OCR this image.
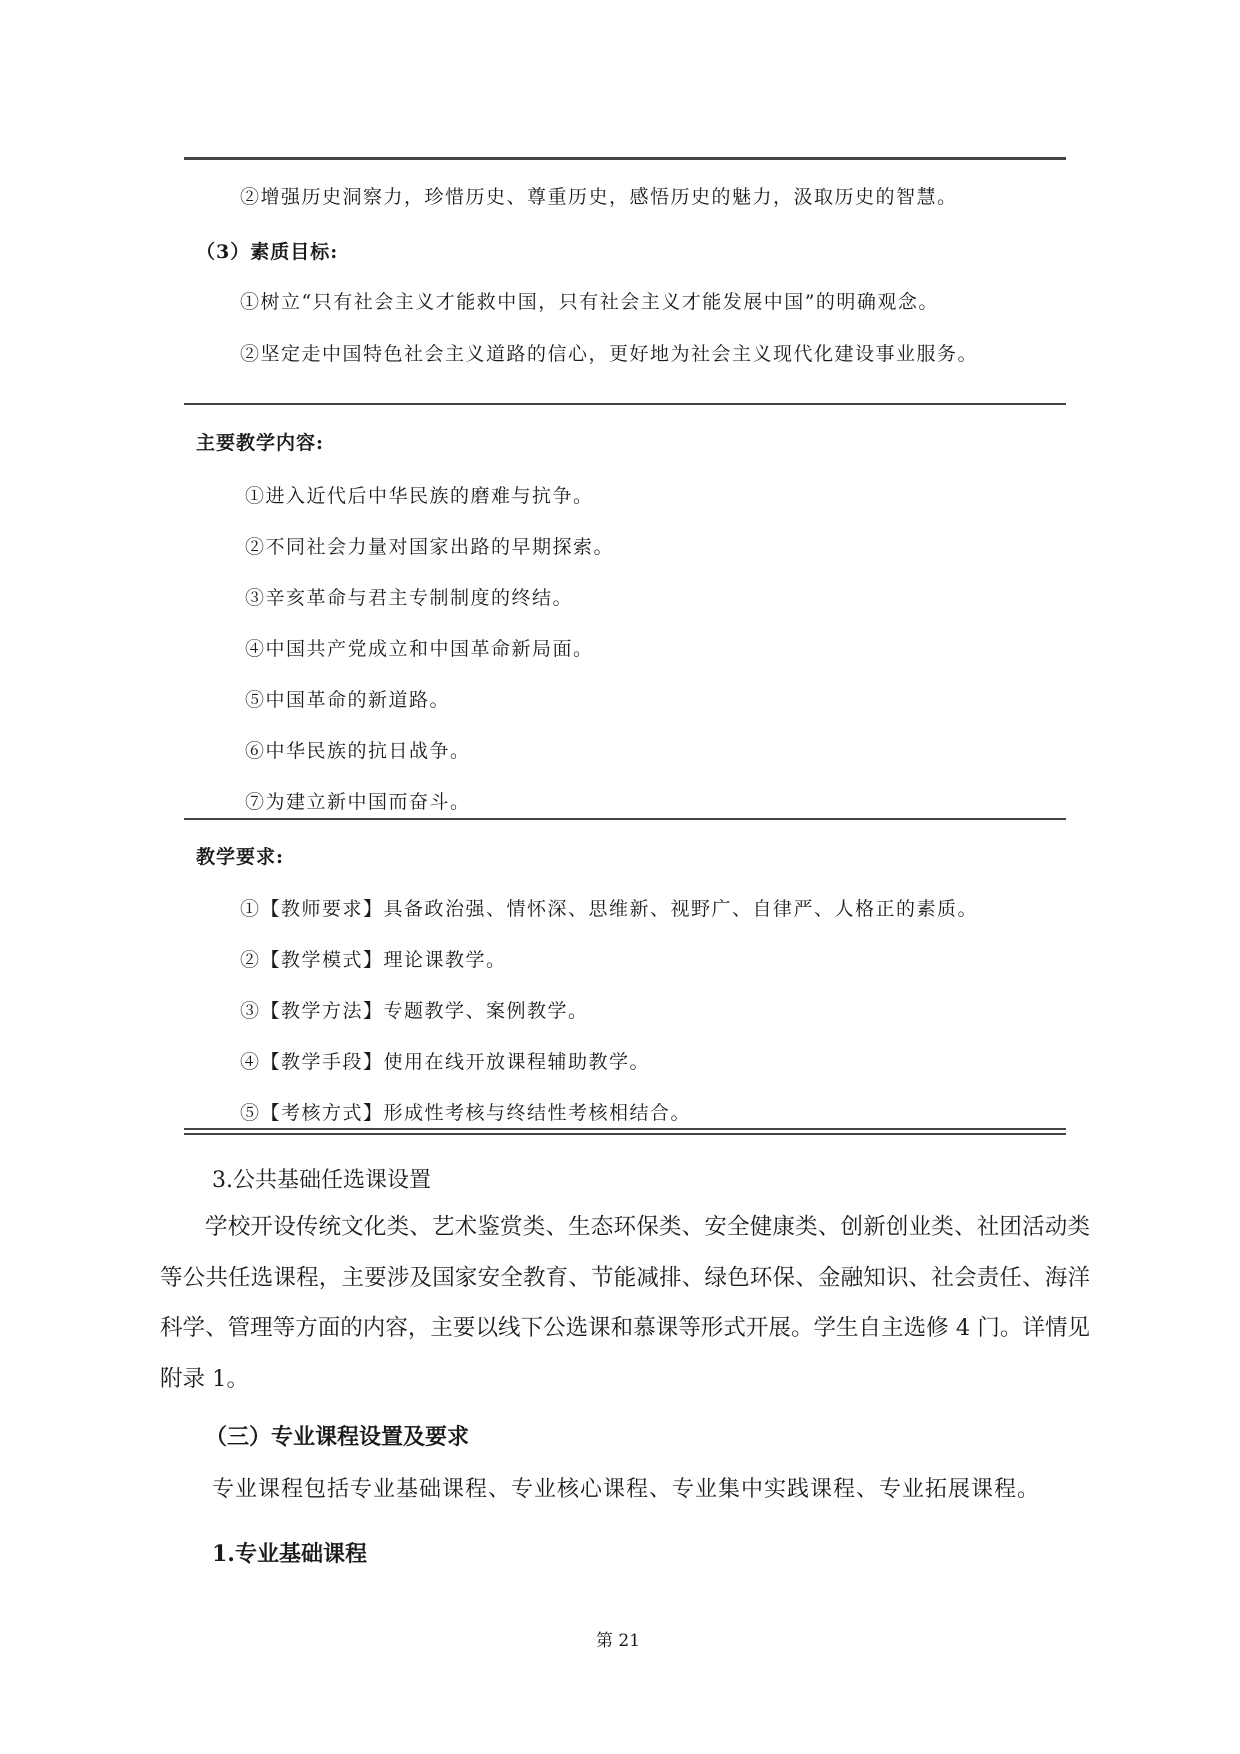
②增强历史洞察力，珍惜历史、尊重历史，感悟历史的魅力，汲取历史的智慧。
（3）素质目标:
①树立“只有社会主义才能救中国，只有社会主义才能发展中国”的明确观念。
②坚定走中国特色社会主义道路的信心，更好地为社会主义现代化建设事业服务。
主要教学内容:
①进入近代后中华民族的磨难与抗争。
②不同社会力量对国家出路的早期探索。
③辛亥革命与君主专制制度的终结。
④中国共产党成立和中国革命新局面。
⑤中国革命的新道路。
⑥中华民族的抗日战争。
⑦为建立新中国而奋斗。
教学要求:
①【教师要求】具备政治强、情怀深、思维新、视野广、自律严、人格正的素质。
②【教学模式】理论课教学。
③【教学方法】专题教学、案例教学。
④【教学手段】使用在线开放课程辅助教学。
⑤【考核方式】形成性考核与终结性考核相结合。
3.公共基础任选课设置
学校开设传统文化类、艺术鉴赏类、生态环保类、安全健康类、创新创业类、社团活动类等公共任选课程，主要涉及国家安全教育、节能减排、绿色环保、金融知识、社会责任、海洋科学、管理等方面的内容，主要以线下公选课和慕课等形式开展。学生自主选修 4 门。详情见附录 1。
（三）专业课程设置及要求
专业课程包括专业基础课程、专业核心课程、专业集中实践课程、专业拓展课程。
1.专业基础课程
第 21
